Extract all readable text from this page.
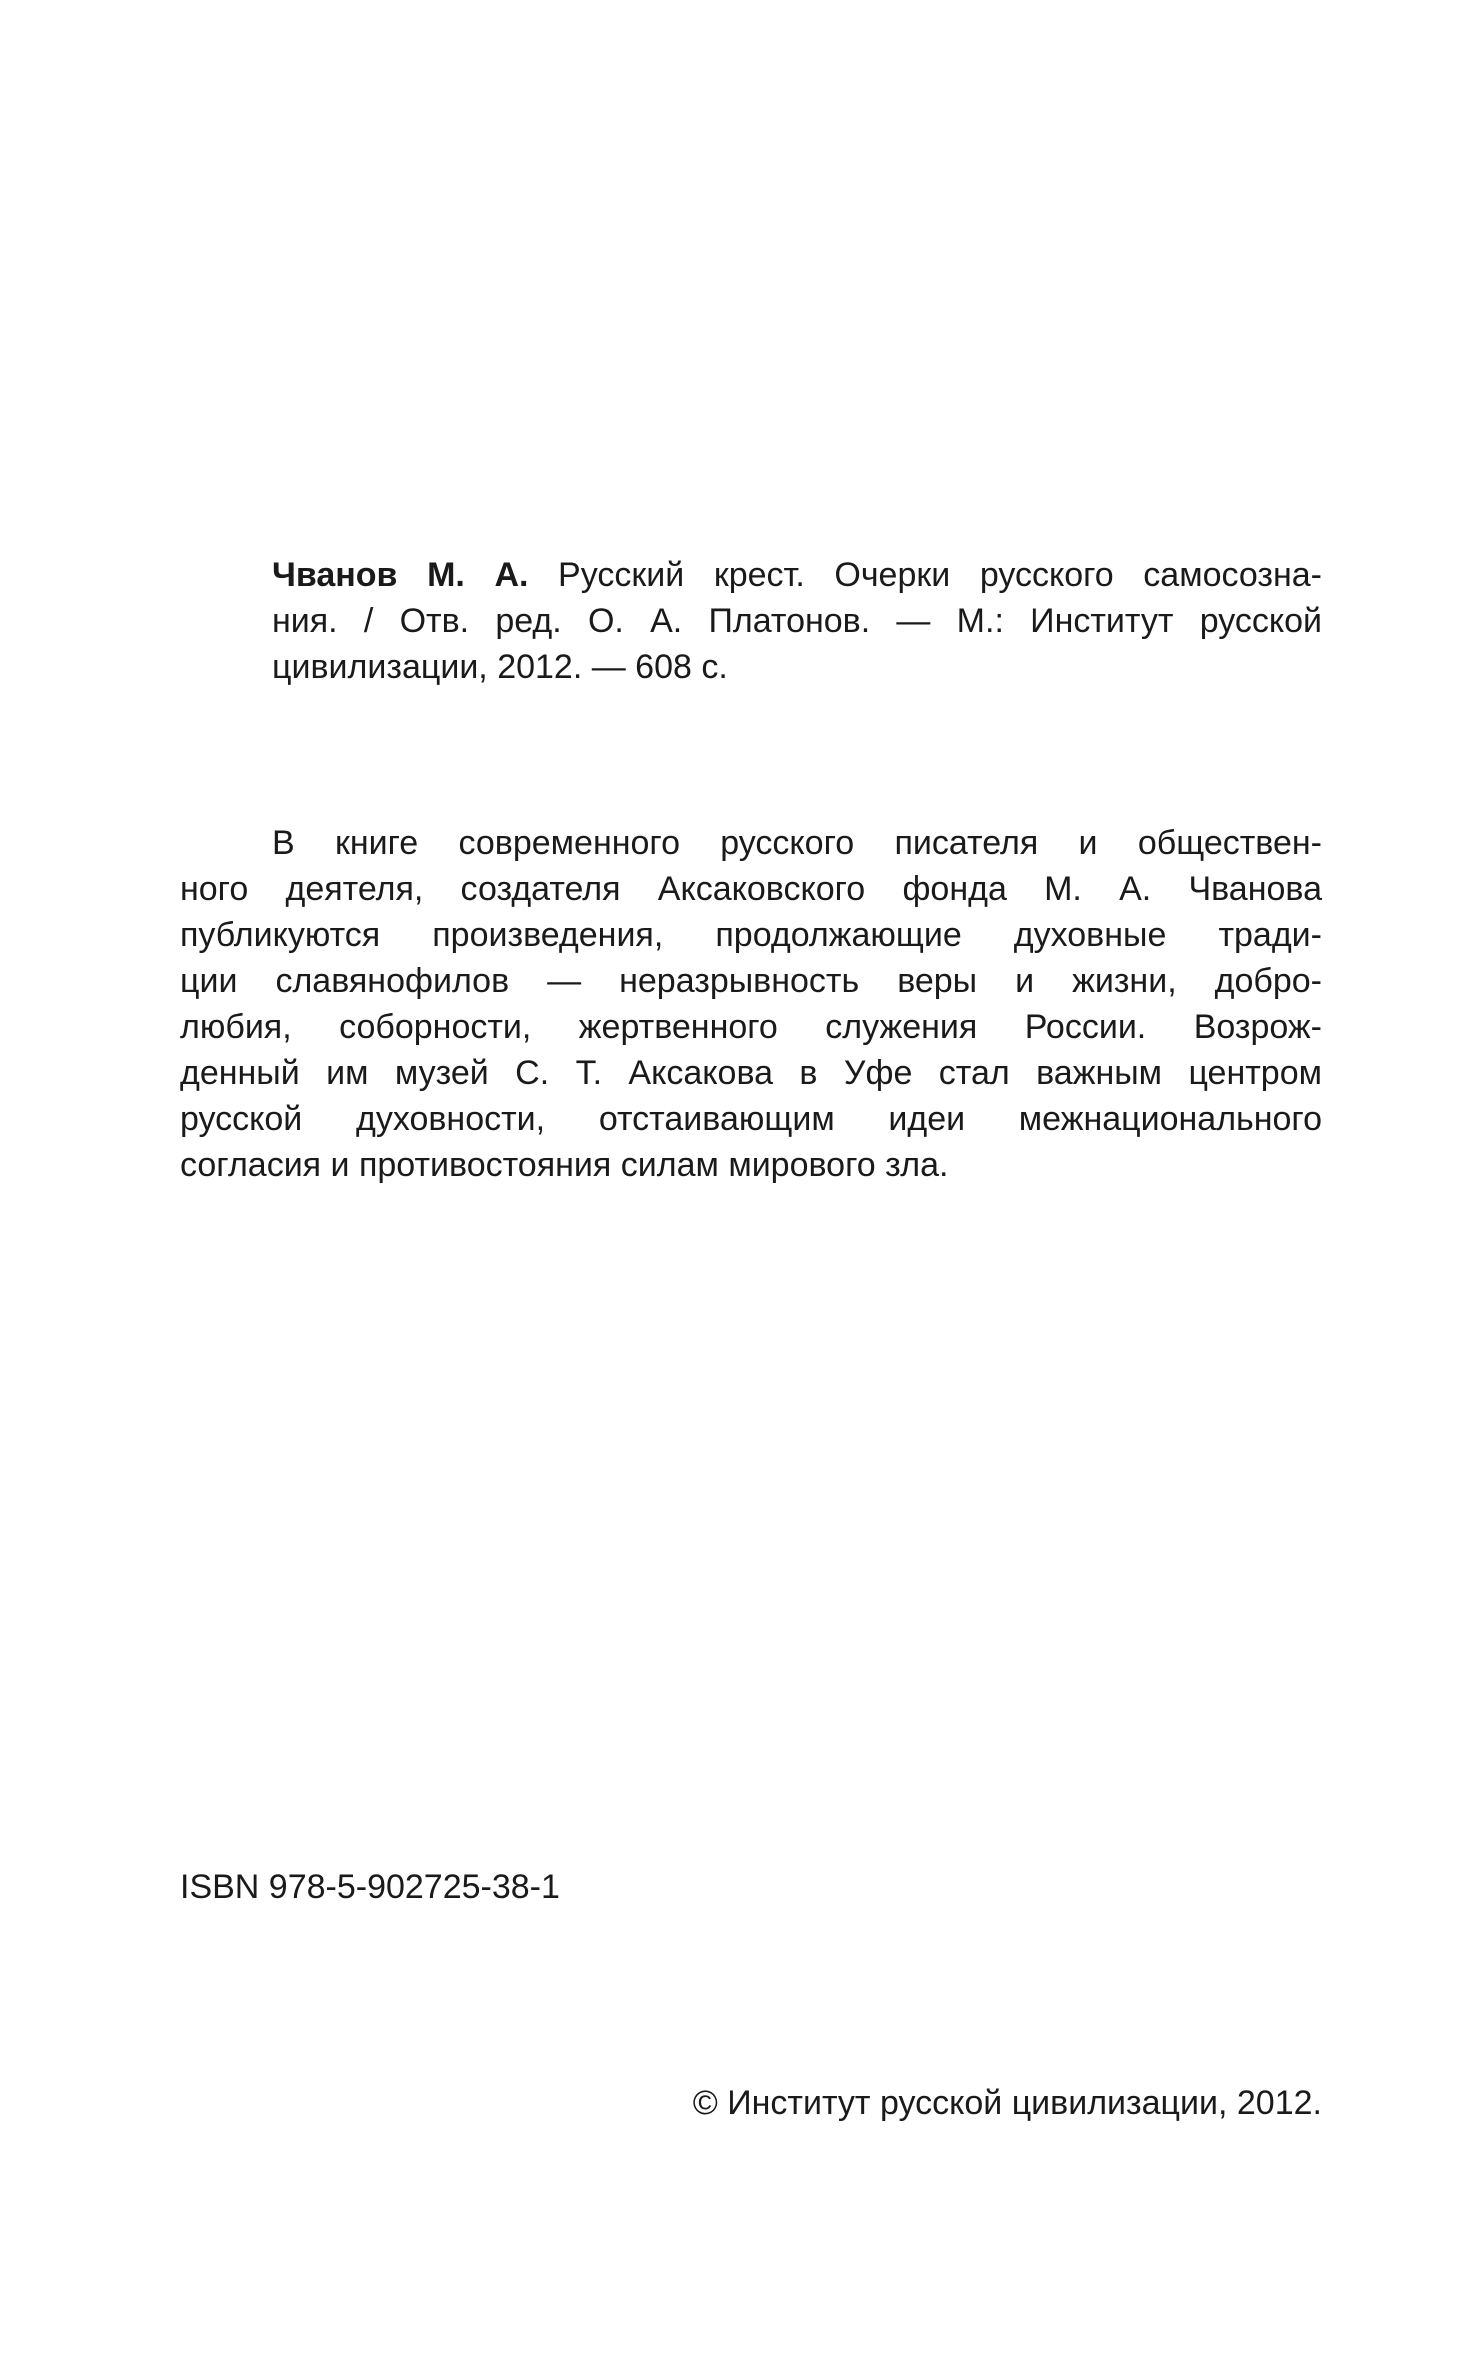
Чванов М. А. Русский крест. Очерки русского самосозна-
ния. / Отв. ред. О. А. Платонов. — М.: Институт русской
цивилизации, 2012. — 608 с.
В книге современного русского писателя и обществен-
ного деятеля, создателя Аксаковского фонда М. А. Чванова
публикуются произведения, продолжающие духовные тради-
ции славянофилов — неразрывность веры и жизни, добро-
любия, соборности, жертвенного служения России. Возрож-
денный им музей С. Т. Аксакова в Уфе стал важным центром
русской духовности, отстаивающим идеи межнационального
согласия и противостояния силам мирового зла.
ISBN 978-5-902725-38-1
© Институт русской цивилизации, 2012.
